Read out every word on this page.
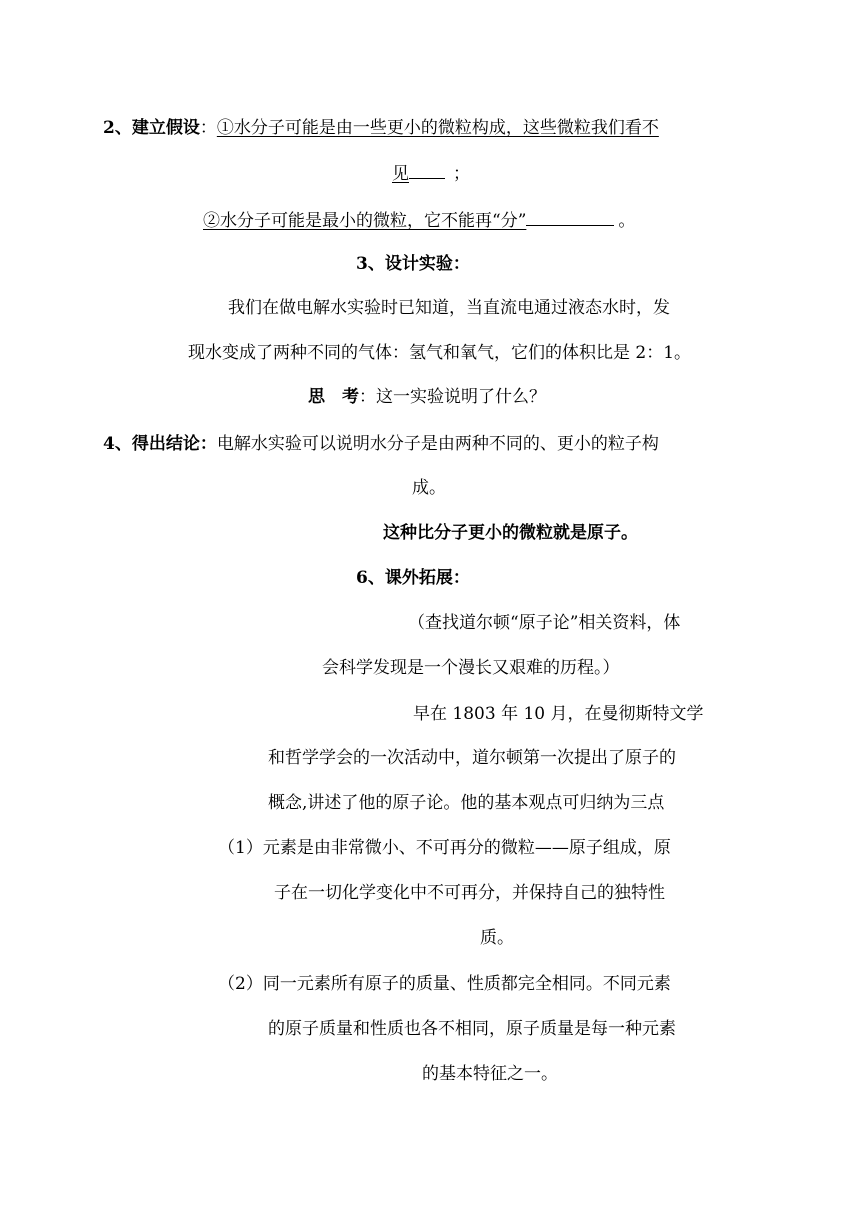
2、建立假设：①水分子可能是由一些更小的微粒构成，这些微粒我们看不
见	；
②水分子可能是最小的微粒，它不能再“分”	。
3、设计实验：
我们在做电解水实验时已知道，当直流电通过液态水时，发
现水变成了两种不同的气体：氢气和氧气，它们的体积比是 2：1。
思　考：这一实验说明了什么？
4、得出结论：电解水实验可以说明水分子是由两种不同的、更小的粒子构
成。
这种比分子更小的微粒就是原子。
6、课外拓展：
（查找道尔顿“原子论”相关资料，体
会科学发现是一个漫长又艰难的历程。）
早在 1803 年 10 月，在曼彻斯特文学
和哲学学会的一次活动中，道尔顿第一次提出了原子的
概念,讲述了他的原子论。他的基本观点可归纳为三点
（1）元素是由非常微小、不可再分的微粒——原子组成，原
子在一切化学变化中不可再分，并保持自己的独特性
质。
（2）同一元素所有原子的质量、性质都完全相同。不同元素
的原子质量和性质也各不相同，原子质量是每一种元素
的基本特征之一。
